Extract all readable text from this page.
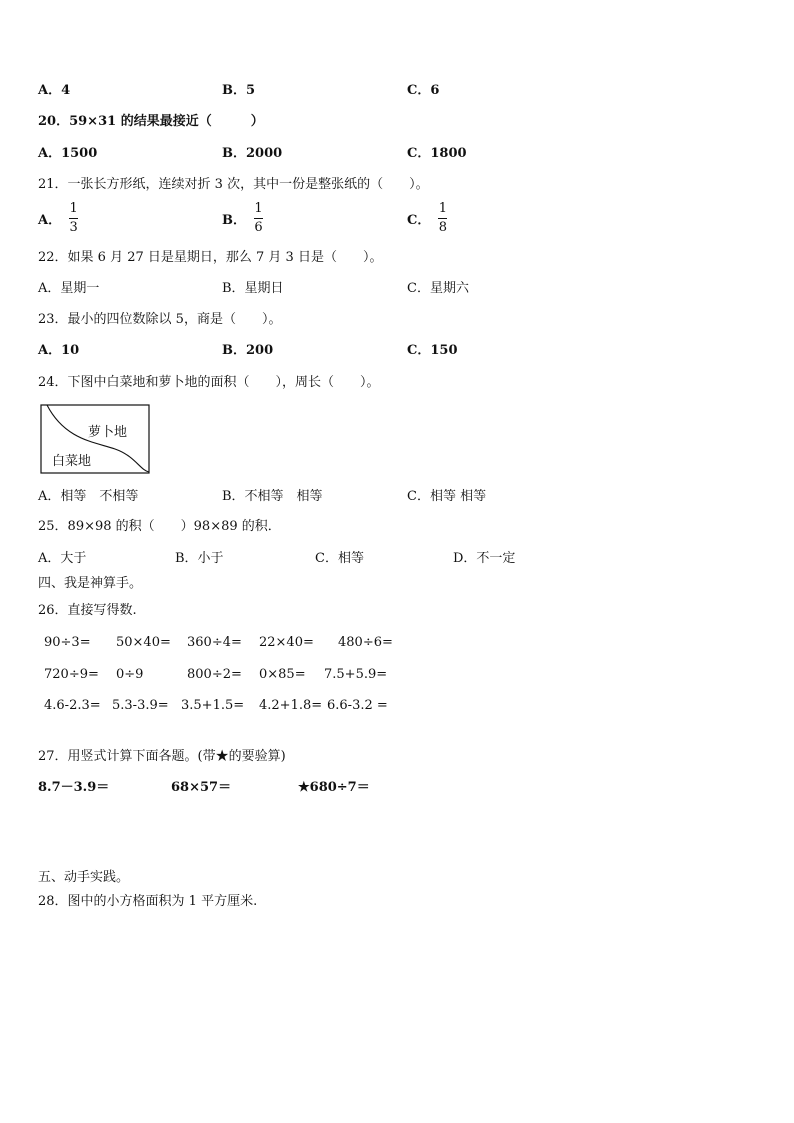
A．4	B．5	C．6
20．59×31 的结果最接近（　　　）
A．1500	B．2000	C．1800
21．一张长方形纸，连续对折 3 次，其中一份是整张纸的（　　）。
A．
1
3	B．
1
6	C．
1
8
22．如果 6 月 27 日是星期日，那么 7 月 3 日是（　　）。
A．星期一	B．星期日	C．星期六
23．最小的四位数除以 5，商是（　　）。
A．10	B．200	C．150
24．下图中白菜地和萝卜地的面积（　　），周长（　　）。
萝卜地
白菜地
A．相等　不相等	B．不相等　相等	C．相等 相等
25．89×98 的积（　　）98×89 的积．
A．大于	B．小于	C．相等	D．不一定
四、我是神算手。
26．直接写得数.
90÷3= 50×40= 360÷4= 22×40= 480÷6=
720÷9= 0÷9	800÷2= 0×85= 7.5+5.9=
4.6-2.3= 5.3-3.9= 3.5+1.5= 4.2+1.8= 6.6-3.2 =
27．用竖式计算下面各题。(带★的要验算)
8.7－3.9＝	68×57＝	★680÷7＝
五、动手实践。
28．图中的小方格面积为 1 平方厘米.
